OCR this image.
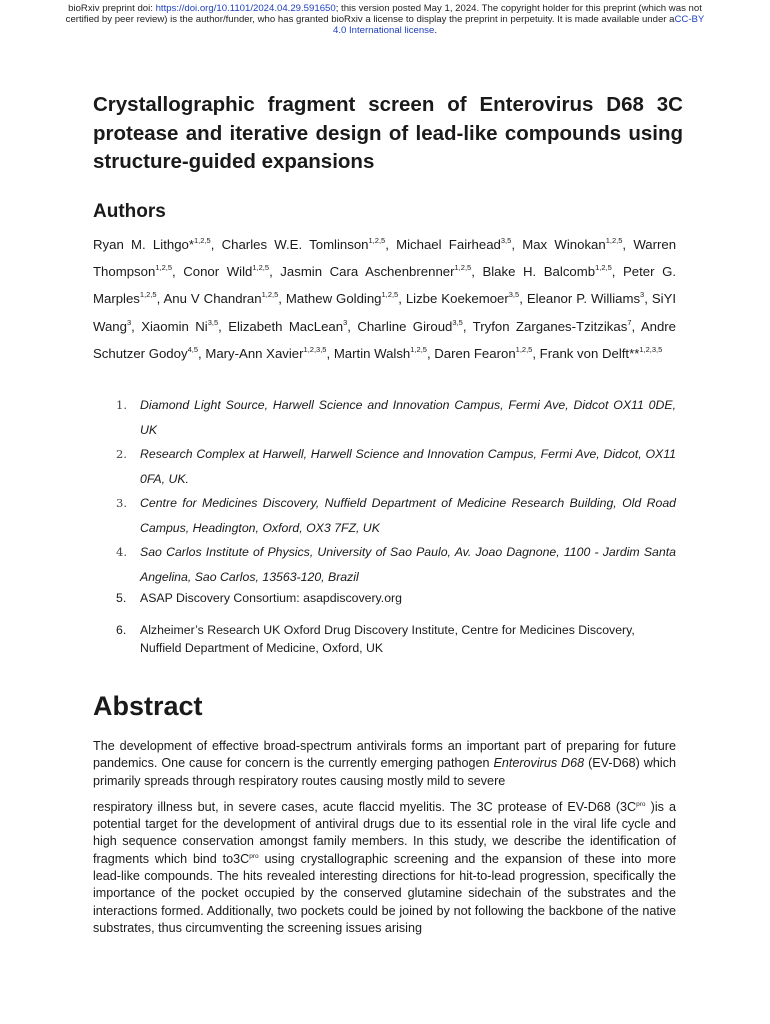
bioRxiv preprint doi: https://doi.org/10.1101/2024.04.29.591650; this version posted May 1, 2024. The copyright holder for this preprint (which was not certified by peer review) is the author/funder, who has granted bioRxiv a license to display the preprint in perpetuity. It is made available under aCC-BY 4.0 International license.
Crystallographic fragment screen of Enterovirus D68 3C protease and iterative design of lead-like compounds using structure-guided expansions
Authors
Ryan M. Lithgo*$^{1,2,5}$, Charles W.E. Tomlinson$^{1,2,5}$, Michael Fairhead$^{3,5}$, Max Winokan$^{1,2,5}$, Warren Thompson$^{1,2,5}$, Conor Wild$^{1,2,5}$, Jasmin Cara Aschenbrenner$^{1,2,5}$, Blake H. Balcomb$^{1,2,5}$, Peter G. Marples$^{1,2,5}$, Anu V Chandran$^{1,2,5}$, Mathew Golding$^{1,2,5}$, Lizbe Koekemoer$^{3,5}$, Eleanor P. Williams$^3$, SiYI Wang$^3$, Xiaomin Ni$^{3,5}$, Elizabeth MacLean$^3$, Charline Giroud$^{3,5}$, Tryfon Zarganes-Tzitzikas$^7$, Andre Schutzer Godoy$^{4,5}$, Mary-Ann Xavier$^{1,2,3,5}$, Martin Walsh$^{1,2,5}$, Daren Fearon$^{1,2,5}$, Frank von Delft**$^{1,2,3,5}$
1. Diamond Light Source, Harwell Science and Innovation Campus, Fermi Ave, Didcot OX11 0DE, UK
2. Research Complex at Harwell, Harwell Science and Innovation Campus, Fermi Ave, Didcot, OX11 0FA, UK.
3. Centre for Medicines Discovery, Nuffield Department of Medicine Research Building, Old Road Campus, Headington, Oxford, OX3 7FZ, UK
4. Sao Carlos Institute of Physics, University of Sao Paulo, Av. Joao Dagnone, 1100 - Jardim Santa Angelina, Sao Carlos, 13563-120, Brazil
5. ASAP Discovery Consortium: asapdiscovery.org
6. Alzheimer’s Research UK Oxford Drug Discovery Institute, Centre for Medicines Discovery, Nuffield Department of Medicine, Oxford, UK
Abstract

The development of effective broad-spectrum antivirals forms an important part of preparing for future pandemics. One cause for concern is the currently emerging pathogen Enterovirus D68 (EV-D68) which primarily spreads through respiratory routes causing mostly mild to severe
respiratory illness but, in severe cases, acute flaccid myelitis. The 3C protease of EV-D68 ($3C^{pro}$ )is a potential target for the development of antiviral drugs due to its essential role in the viral life cycle and high sequence conservation amongst family members. In this study, we describe the identification of fragments which bind $to3C^{pro}$ using crystallographic screening and the expansion of these into more lead-like compounds. The hits revealed interesting directions for hit-to-lead progression, specifically the importance of the pocket occupied by the conserved glutamine sidechain of the substrates and the interactions formed. Additionally, two pockets could be joined by not following the backbone of the native substrates, thus circumventing the screening issues arising
